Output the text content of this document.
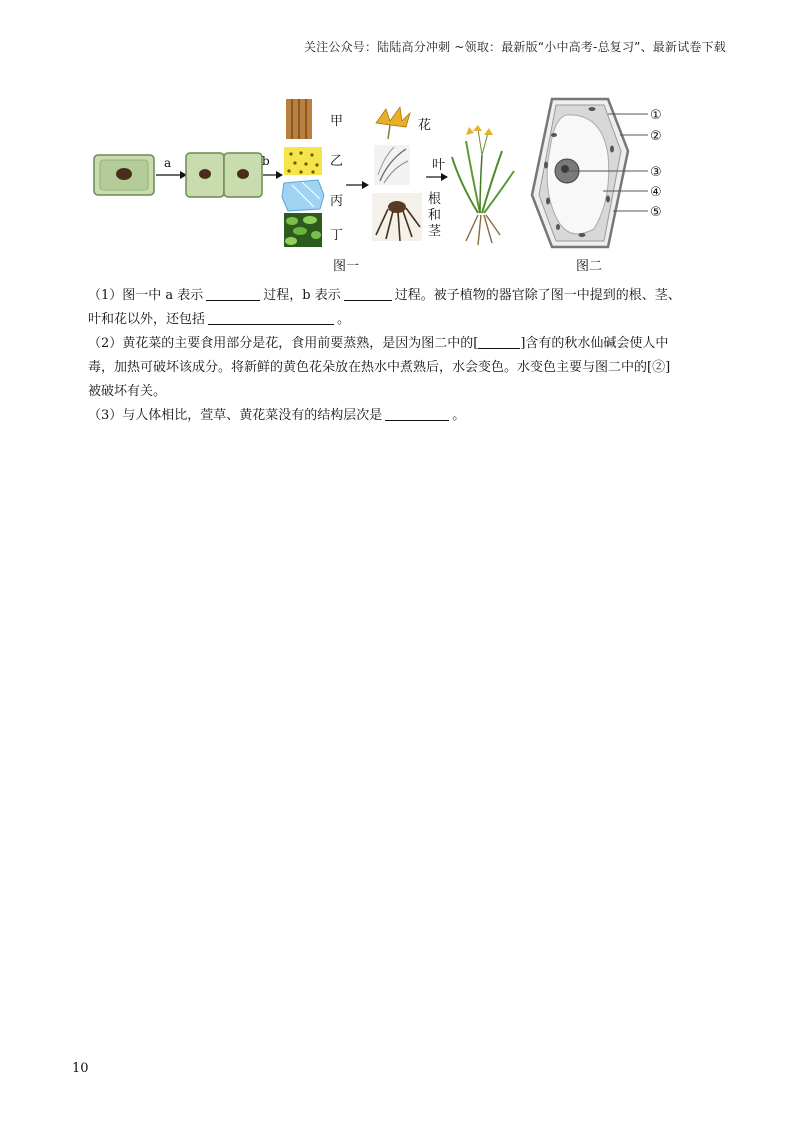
关注公众号：陆陆高分冲刺 ~领取：最新版“小中高考-总复习”、最新试卷下载
a	b
甲
乙
丙
丁
花
叶
根
和
茎
①
②
③
④
⑤
图一	图二
（1）图一中 a 表示	过程，b 表示	过程。被子植物的器官除了图一中提到的根、茎、
叶和花以外，还包括	。
（2）黄花菜的主要食用部分是花，食用前要蒸熟，是因为图二中的[	]含有的秋水仙碱会使人中
毒，加热可破坏该成分。将新鲜的黄色花朵放在热水中煮熟后，水会变色。水变色主要与图二中的[②]
被破坏有关。
（3）与人体相比，萱草、黄花菜没有的结构层次是	。
10
